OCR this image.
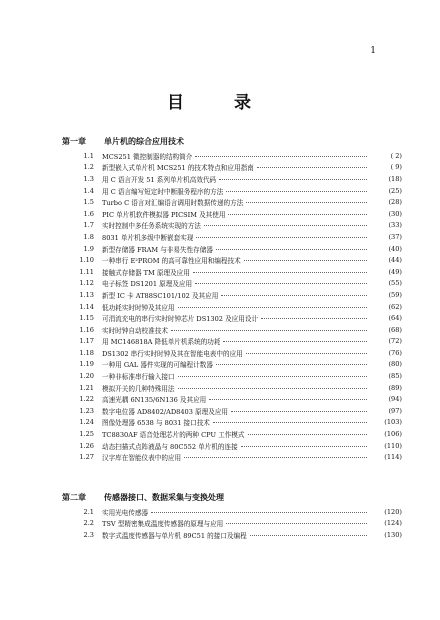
1
目 录
第一章 单片机的综合应用技术
1.1	MCS251 微控制器的结构简介	( 2)
1.2	新型嵌入式单片机 MCS251 的技术特点和应用指南	( 9)
1.3	用 C 语言开发 51 系列单片机高效代码	(18)
1.4	用 C 语言编写短定时中断服务程序的方法	(25)
1.5	Turbo C 语言对汇编语言调用时数据传递的方法	(28)
1.6	PIC 单片机软件模拟器 PICSIM 及其使用	(30)
1.7	实时控制中多任务系统实现的方法	(33)
1.8	8031 单片机多级中断嵌套实现	(37)
1.9	新型存储器 FRAM 与非易失性存储器	(40)
1.10	一种串行 E²PROM 的高可靠性应用和编程技术	(44)
1.11	接触式存储器 TM 原理及应用	(49)
1.12	电子标签 DS1201 原理及应用	(55)
1.13	新型 IC 卡 AT88SC101/102 及其应用	(59)
1.14	低功耗实时时钟及其应用	(62)
1.15	可涓流充电的串行实时时钟芯片 DS1302 及应用设计	(64)
1.16	实时时钟自动校准技术	(68)
1.17	用 MC146818A 降低单片机系统的功耗	(72)
1.18	DS1302 串行实时时钟及其在智能电表中的应用	(76)
1.19	一种用 GAL 器件实现的可编程计数器	(80)
1.20	一种非标准串行输入接口	(85)
1.21	模拟开关的几种特殊用法	(89)
1.22	高速光耦 6N135/6N136 及其应用	(94)
1.23	数字电位器 AD8402/AD8403 原理及应用	(97)
1.24	图像处理器 6538 与 8031 接口技术	(103)
1.25	TC8830AF 语音处理芯片的两种 CPU 工作模式	(106)
1.26	动态扫描式点阵液晶与 80C552 单片机的连接	(110)
1.27	汉字库在智能仪表中的应用	(114)
第二章 传感器接口、数据采集与变换处理
2.1	实用光电传感器	(120)
2.2	TSV 型精密集成温度传感器的原理与应用	(124)
2.3	数字式温度传感器与单片机 89C51 的接口及编程	(130)
